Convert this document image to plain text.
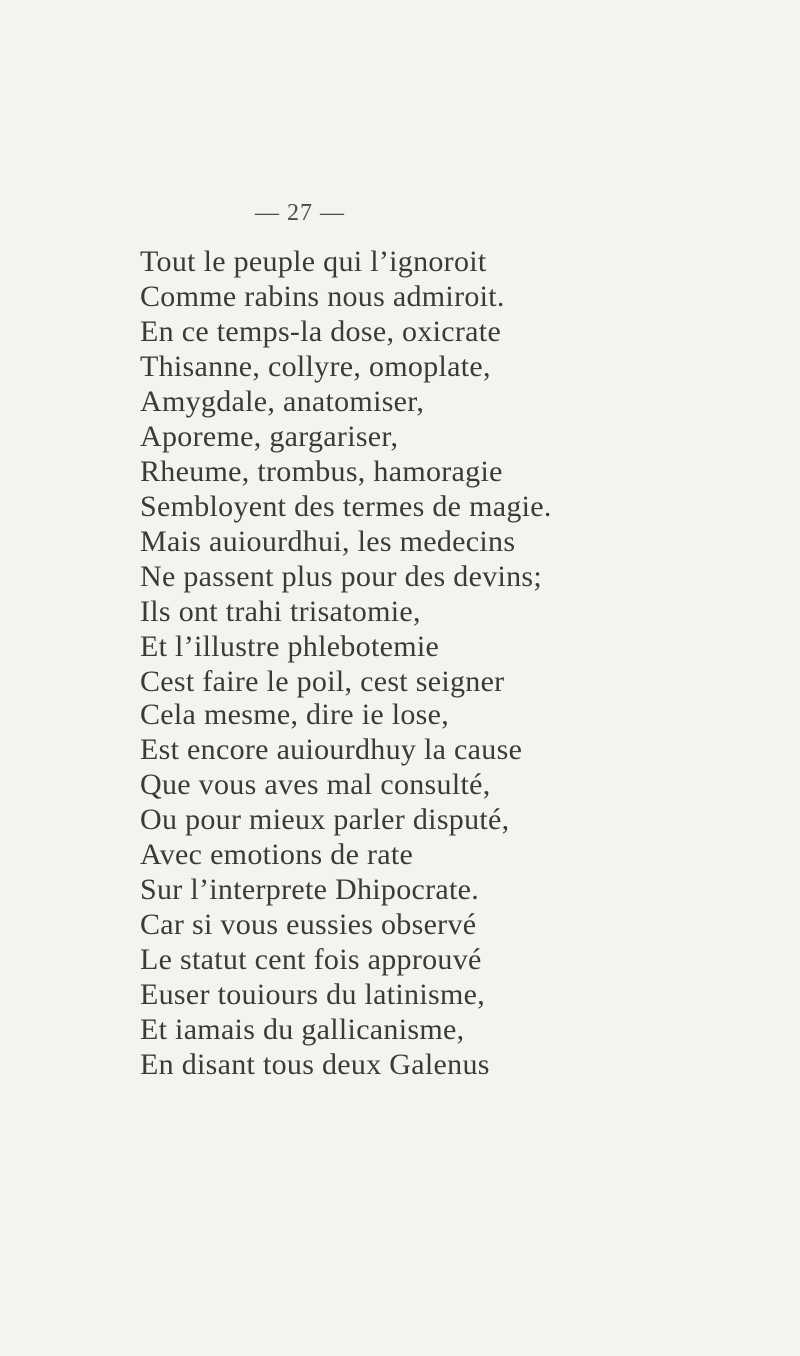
— 27 —
Tout le peuple qui l’ignoroit
Comme rabins nous admiroit.
En ce temps-la dose, oxicrate
Thisanne, collyre, omoplate,
Amygdale, anatomiser,
Aporeme, gargariser,
Rheume, trombus, hamoragie
Sembloyent des termes de magie.
Mais auiourdhui, les medecins
Ne passent plus pour des devins;
Ils ont trahi trisatomie,
Et l’illustre phlebotemie
Cest faire le poil, cest seigner
Cela mesme, dire ie lose,
Est encore auiourdhuy la cause
Que vous aves mal consulté,
Ou pour mieux parler disputé,
Avec emotions de rate
Sur l’interprete Dhipocrate.
Car si vous eussies observé
Le statut cent fois approuvé
Euser touiours du latinisme,
Et iamais du gallicanisme,
En disant tous deux Galenus
